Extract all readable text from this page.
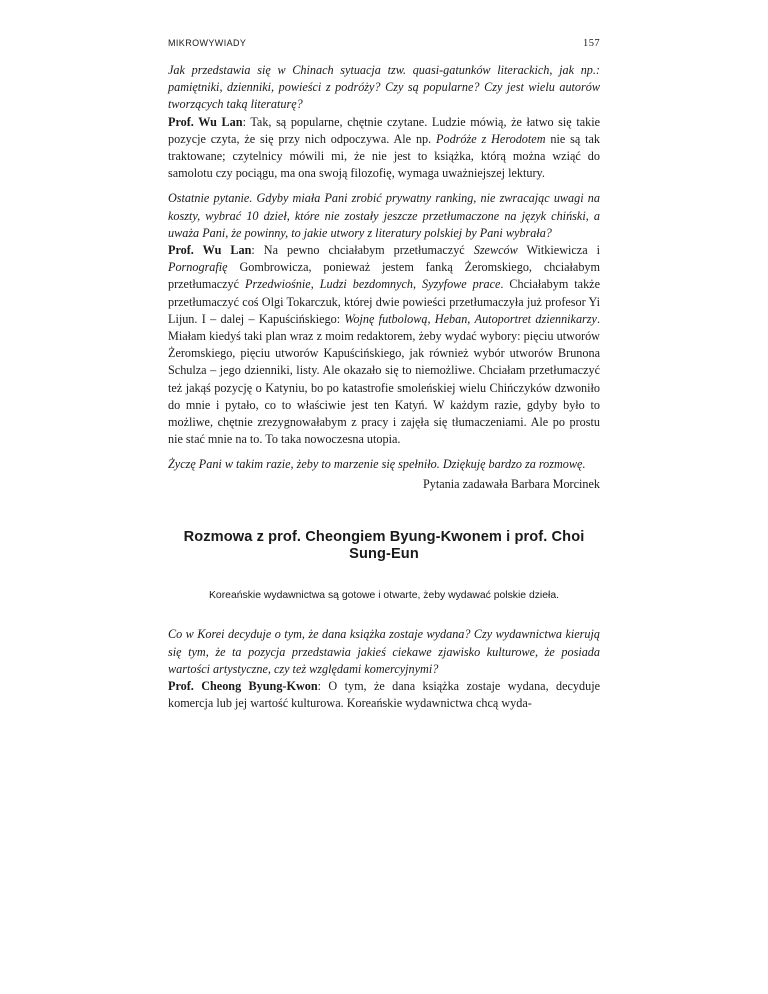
MIKROWYWIADY	157

Jak przedstawia się w Chinach sytuacja tzw. quasi-gatunków literackich, jak np.: pamiętniki, dzienniki, powieści z podróży? Czy są popularne? Czy jest wielu autorów tworzących taką literaturę?

Prof. Wu Lan: Tak, są popularne, chętnie czytane. Ludzie mówią, że łatwo się takie pozycje czyta, że się przy nich odpoczywa. Ale np. Podróże z Herodotem nie są tak traktowane; czytelnicy mówili mi, że nie jest to książka, którą można wziąć do samolotu czy pociągu, ma ona swoją filozofię, wymaga uważniejszej lektury.

Ostatnie pytanie. Gdyby miała Pani zrobić prywatny ranking, nie zwracając uwagi na koszty, wybrać 10 dzieł, które nie zostały jeszcze przetłumaczone na język chiński, a uważa Pani, że powinny, to jakie utwory z literatury polskiej by Pani wybrała?

Prof. Wu Lan: Na pewno chciałabym przetłumaczyć Szewców Witkiewicza i Pornografię Gombrowicza, ponieważ jestem fanką Żeromskiego, chciałabym przetłumaczyć Przedwiośnie, Ludzi bezdomnych, Syzyfowe prace. Chciałabym także przetłumaczyć coś Olgi Tokarczuk, której dwie powieści przetłumaczyła już profesor Yi Lijun. I – dalej – Kapuścińskiego: Wojnę futbolową, Heban, Autoportret dziennikarzy. Miałam kiedyś taki plan wraz z moim redaktorem, żeby wydać wybory: pięciu utworów Żeromskiego, pięciu utworów Kapuścińskiego, jak również wybór utworów Brunona Schulza – jego dzienniki, listy. Ale okazało się to niemożliwe. Chciałam przetłumaczyć też jakąś pozycję o Katyniu, bo po katastrofie smoleńskiej wielu Chińczyków dzwoniło do mnie i pytało, co to właściwie jest ten Katyń. W każdym razie, gdyby było to możliwe, chętnie zrezygnowałabym z pracy i zajęła się tłumaczeniami. Ale po prostu nie stać mnie na to. To taka nowoczesna utopia.

Życzę Pani w takim razie, żeby to marzenie się spełniło. Dziękuję bardzo za rozmowę.

Pytania zadawała Barbara Morcinek

Rozmowa z prof. Cheongiem Byung-Kwonem i prof. Choi Sung-Eun

Koreańskie wydawnictwa są gotowe i otwarte, żeby wydawać polskie dzieła.

Co w Korei decyduje o tym, że dana książka zostaje wydana? Czy wydawnictwa kierują się tym, że ta pozycja przedstawia jakieś ciekawe zjawisko kulturowe, że posiada wartości artystyczne, czy też względami komercyjnymi?

Prof. Cheong Byung-Kwon: O tym, że dana książka zostaje wydana, decyduje komercja lub jej wartość kulturowa. Koreańskie wydawnictwa chcą wyda-
